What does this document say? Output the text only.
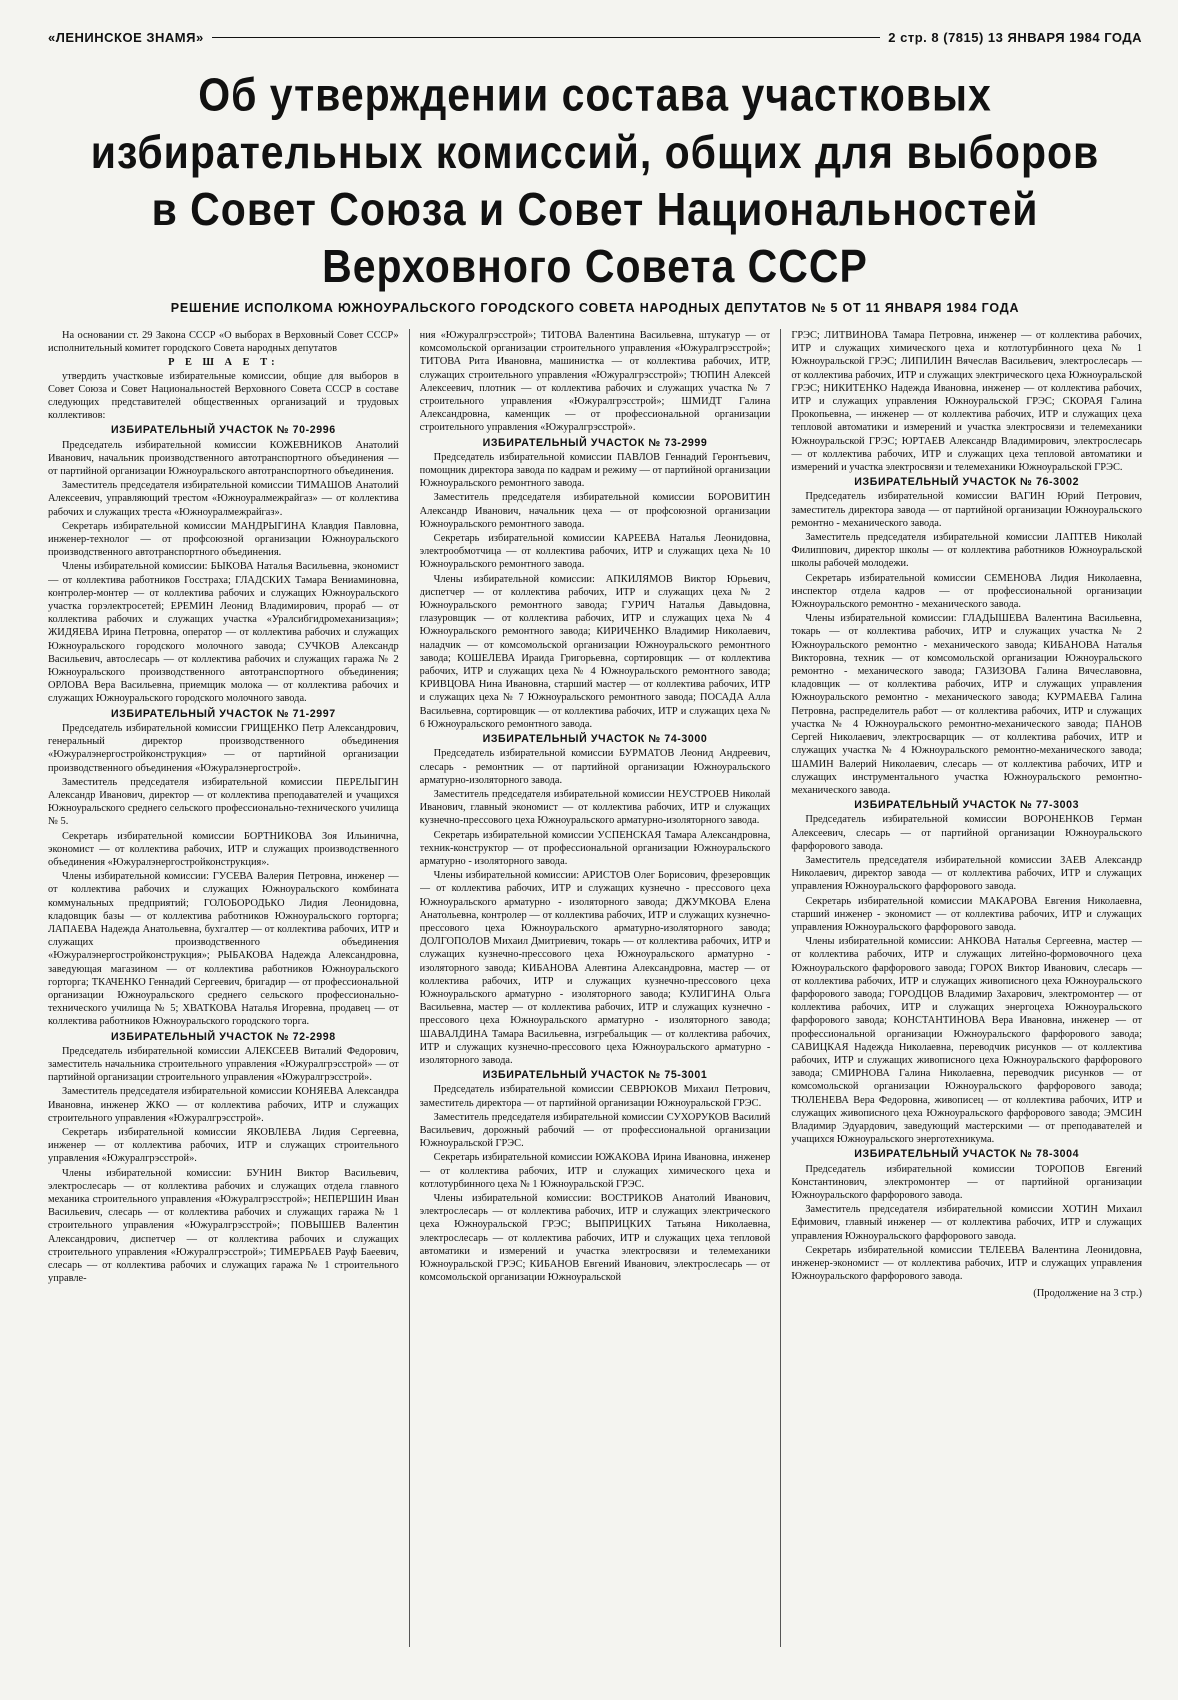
«ЛЕНИНСКОЕ ЗНАМЯ»	2 стр. 8 (7815) 13 ЯНВАРЯ 1984 ГОДА
Об утверждении состава участковых
избирательных комиссий, общих для выборов
в Совет Союза и Совет Национальностей
Верховного Совета СССР
РЕШЕНИЕ ИСПОЛКОМА ЮЖНОУРАЛЬСКОГО ГОРОДСКОГО СОВЕТА НАРОДНЫХ ДЕПУТАТОВ № 5 ОТ 11 ЯНВАРЯ 1984 ГОДА

На основании ст. 29 Закона СССР «О выборах в Верховный Совет СССР» исполнительный комитет городского Совета народных депутатов

Р Е Ш А Е Т:

утвердить участковые избирательные комиссии, общие для выборов в Совет Союза и Совет Национальностей Верховного Совета СССР в составе следующих представителей общественных организаций и трудовых коллективов:

ИЗБИРАТЕЛЬНЫЙ УЧАСТОК № 70-2996

Председатель избирательной комиссии КОЖЕВНИКОВ Анатолий Иванович, начальник производственного автотранспортного объединения — от партийной организации Южноуральского автотранспортного объединения.

Заместитель председателя избирательной комиссии ТИМАШОВ Анатолий Алексеевич, управляющий трестом «Южноуралмежрайгаз» — от коллектива рабочих и служащих треста «Южноуралмежрайгаз».

Секретарь избирательной комиссии МАНДРЫГИНА Клавдия Павловна, инженер-технолог — от профсоюзной организации Южноуральского производственного автотранспортного объединения.

Члены избирательной комиссии: БЫКОВА Наталья Васильевна, экономист — от коллектива работников Госстраха; ГЛАДСКИХ Тамара Вениаминовна, контролер-монтер — от коллектива рабочих и служащих Южноуральского участка горэлектросетей; ЕРЕМИН Леонид Владимирович, прораб — от коллектива рабочих и служащих участка «Уралсибгидромеханизация»; ЖИДЯЕВА Ирина Петровна, оператор — от коллектива рабочих и служащих Южноуральского городского молочного завода; СУЧКОВ Александр Васильевич, автослесарь — от коллектива рабочих и служащих гаража № 2 Южноуральского производственного автотранспортного объединения; ОРЛОВА Вера Васильевна, приемщик молока — от коллектива рабочих и служащих Южноуральского городского молочного завода.

ИЗБИРАТЕЛЬНЫЙ УЧАСТОК № 71-2997

Председатель избирательной комиссии ГРИЩЕНКО Петр Александрович, генеральный директор производственного объединения «Южуралэнергостройконструкция» — от партийной организации производственного объединения «Южуралэнергострой».

Заместитель председателя избирательной комиссии ПЕРЕЛЫГИН Александр Иванович, директор — от коллектива преподавателей и учащихся Южноуральского среднего сельского профессионально-технического училища № 5.

Секретарь избирательной комиссии БОРТНИКОВА Зоя Ильинична, экономист — от коллектива рабочих, ИТР и служащих производственного объединения «Южуралэнергостройконструкция».

Члены избирательной комиссии: ГУСЕВА Валерия Петровна, инженер — от коллектива рабочих и служащих Южноуральского комбината коммунальных предприятий; ГОЛОБОРОДЬКО Лидия Леонидовна, кладовщик базы — от коллектива работников Южноуральского горторга; ЛАПАЕВА Надежда Анатольевна, бухгалтер — от коллектива рабочих, ИТР и служащих производственного объединения «Южуралэнергостройконструкция»; РЫБАКОВА Надежда Александровна, заведующая магазином — от коллектива работников Южноуральского горторга; ТКАЧЕНКО Геннадий Сергеевич, бригадир — от профессиональной организации Южноуральского среднего сельского профессионально-технического училища № 5; ХВАТКОВА Наталья Игоревна, продавец — от коллектива работников Южноуральского городского торга.

ИЗБИРАТЕЛЬНЫЙ УЧАСТОК № 72-2998

Председатель избирательной комиссии АЛЕКСЕЕВ Виталий Федорович, заместитель начальника строительного управления «Южуралгрэсстрой» — от партийной организации строительного управления «Южуралгрэсстрой».

Заместитель председателя избирательной комиссии КОНЯЕВА Александра Ивановна, инженер ЖКО — от коллектива рабочих, ИТР и служащих строительного управления «Южуралгрэсстрой».

Секретарь избирательной комиссии ЯКОВЛЕВА Лидия Сергеевна, инженер — от коллектива рабочих, ИТР и служащих строительного управления «Южуралгрэсстрой».

Члены избирательной комиссии: БУНИН Виктор Васильевич, электрослесарь — от коллектива рабочих и служащих отдела главного механика строительного управления «Южуралгрэсстрой»; НЕПЕРШИН Иван Васильевич, слесарь — от коллектива рабочих и служащих гаража № 1 строительного управления «Южуралгрэсстрой»; ПОВЫШЕВ Валентин Александрович, диспетчер — от коллектива рабочих и служащих строительного управления «Южуралгрэсстрой»; ТИМЕРБАЕВ Рауф Баеевич, слесарь — от коллектива рабочих и служащих гаража № 1 строительного управле-

ния «Южуралгрэсстрой»; ТИТОВА Валентина Васильевна, штукатур — от комсомольской организации строительного управления «Южуралгрэсстрой»; ТИТОВА Рита Ивановна, машинистка — от коллектива рабочих, ИТР, служащих строительного управления «Южуралгрэсстрой»; ТЮПИН Алексей Алексеевич, плотник — от коллектива рабочих и служащих участка № 7 строительного управления «Южуралгрэсстрой»; ШМИДТ Галина Александровна, каменщик — от профессиональной организации строительного управления «Южуралгрэсстрой».

ИЗБИРАТЕЛЬНЫЙ УЧАСТОК № 73-2999

Председатель избирательной комиссии ПАВЛОВ Геннадий Геронтьевич, помощник директора завода по кадрам и режиму — от партийной организации Южноуральского ремонтного завода.

Заместитель председателя избирательной комиссии БОРОВИТИН Александр Иванович, начальник цеха — от профсоюзной организации Южноуральского ремонтного завода.

Секретарь избирательной комиссии КАРЕЕВА Наталья Леонидовна, электрообмотчица — от коллектива рабочих, ИТР и служащих цеха № 10 Южноуральского ремонтного завода.

Члены избирательной комиссии: АПКИЛЯМОВ Виктор Юрьевич, диспетчер — от коллектива рабочих, ИТР и служащих цеха № 2 Южноуральского ремонтного завода; ГУРИЧ Наталья Давыдовна, глазуровщик — от коллектива рабочих, ИТР и служащих цеха № 4 Южноуральского ремонтного завода; КИРИЧЕНКО Владимир Николаевич, наладчик — от комсомольской организации Южноуральского ремонтного завода; КОШЕЛЕВА Ираида Григорьевна, сортировщик — от коллектива рабочих, ИТР и служащих цеха № 4 Южноуральского ремонтного завода; КРИВЦОВА Нина Ивановна, старший мастер — от коллектива рабочих, ИТР и служащих цеха № 7 Южноуральского ремонтного завода; ПОСАДА Алла Васильевна, сортировщик — от коллектива рабочих, ИТР и служащих цеха № 6 Южноуральского ремонтного завода.

ИЗБИРАТЕЛЬНЫЙ УЧАСТОК № 74-3000

Председатель избирательной комиссии БУРМАТОВ Леонид Андреевич, слесарь - ремонтник — от партийной организации Южноуральского арматурно-изоляторного завода.

Заместитель председателя избирательной комиссии НЕУСТРОЕВ Николай Иванович, главный экономист — от коллектива рабочих, ИТР и служащих кузнечно-прессового цеха Южноуральского арматурно-изоляторного завода.

Секретарь избирательной комиссии УСПЕНСКАЯ Тамара Александровна, техник-конструктор — от профессиональной организации Южноуральского арматурно - изоляторного завода.

Члены избирательной комиссии: АРИСТОВ Олег Борисович, фрезеровщик — от коллектива рабочих, ИТР и служащих кузнечно - прессового цеха Южноуральского арматурно - изоляторного завода; ДЖУМКОВА Елена Анатольевна, контролер — от коллектива рабочих, ИТР и служащих кузнечно-прессового цеха Южноуральского арматурно-изоляторного завода; ДОЛГОПОЛОВ Михаил Дмитриевич, токарь — от коллектива рабочих, ИТР и служащих кузнечно-прессового цеха Южноуральского арматурно - изоляторного завода; КИБАНОВА Алевтина Александровна, мастер — от коллектива рабочих, ИТР и служащих кузнечно-прессового цеха Южноуральского арматурно - изоляторного завода; КУЛИГИНА Ольга Васильевна, мастер — от коллектива рабочих, ИТР и служащих кузнечно - прессового цеха Южноуральского арматурно - изоляторного завода; ШАВАЛДИНА Тамара Васильевна, изгребальщик — от коллектива рабочих, ИТР и служащих кузнечно-прессового цеха Южноуральского арматурно - изоляторного завода.

ИЗБИРАТЕЛЬНЫЙ УЧАСТОК № 75-3001

Председатель избирательной комиссии СЕВРЮКОВ Михаил Петрович, заместитель директора — от партийной организации Южноуральской ГРЭС.

Заместитель председателя избирательной комиссии СУХОРУКОВ Василий Васильевич, дорожный рабочий — от профессиональной организации Южноуральской ГРЭС.

Секретарь избирательной комиссии ЮЖАКОВА Ирина Ивановна, инженер — от коллектива рабочих, ИТР и служащих химического цеха и котлотурбинного цеха № 1 Южноуральской ГРЭС.

Члены избирательной комиссии: ВОСТРИКОВ Анатолий Иванович, электрослесарь — от коллектива рабочих, ИТР и служащих электрического цеха Южноуральской ГРЭС; ВЫПРИЦКИХ Татьяна Николаевна, электрослесарь — от коллектива рабочих, ИТР и служащих цеха тепловой автоматики и измерений и участка электросвязи и телемеханики Южноуральской ГРЭС; КИБАНОВ Евгений Иванович, электрослесарь — от комсомольской организации Южноуральской

ГРЭС; ЛИТВИНОВА Тамара Петровна, инженер — от коллектива рабочих, ИТР и служащих химического цеха и котлотурбинного цеха № 1 Южноуральской ГРЭС; ЛИПИЛИН Вячеслав Васильевич, электрослесарь — от коллектива рабочих, ИТР и служащих электрического цеха Южноуральской ГРЭС; НИКИТЕНКО Надежда Ивановна, инженер — от коллектива рабочих, ИТР и служащих управления Южноуральской ГРЭС; СКОРАЯ Галина Прокопьевна, — инженер — от коллектива рабочих, ИТР и служащих цеха тепловой автоматики и измерений и участка электросвязи и телемеханики Южноуральской ГРЭС; ЮРТАЕВ Александр Владимирович, электрослесарь — от коллектива рабочих, ИТР и служащих цеха тепловой автоматики и измерений и участка электросвязи и телемеханики Южноуральской ГРЭС.

ИЗБИРАТЕЛЬНЫЙ УЧАСТОК № 76-3002

Председатель избирательной комиссии ВАГИН Юрий Петрович, заместитель директора завода — от партийной организации Южноуральского ремонтно - механического завода.

Заместитель председателя избирательной комиссии ЛАПТЕВ Николай Филиппович, директор школы — от коллектива работников Южноуральской школы рабочей молодежи.

Секретарь избирательной комиссии СЕМЕНОВА Лидия Николаевна, инспектор отдела кадров — от профессиональной организации Южноуральского ремонтно - механического завода.

Члены избирательной комиссии: ГЛАДЫШЕВА Валентина Васильевна, токарь — от коллектива рабочих, ИТР и служащих участка № 2 Южноуральского ремонтно - механического завода; КИБАНОВА Наталья Викторовна, техник — от комсомольской организации Южноуральского ремонтно - механического завода; ГАЗИЗОВА Галина Вячеславовна, кладовщик — от коллектива рабочих, ИТР и служащих управления Южноуральского ремонтно - механического завода; КУРМАЕВА Галина Петровна, распределитель работ — от коллектива рабочих, ИТР и служащих участка № 4 Южноуральского ремонтно-механического завода; ПАНОВ Сергей Николаевич, электросварщик — от коллектива рабочих, ИТР и служащих участка № 4 Южноуральского ремонтно-механического завода; ШАМИН Валерий Николаевич, слесарь — от коллектива рабочих, ИТР и служащих инструментального участка Южноуральского ремонтно-механического завода.

ИЗБИРАТЕЛЬНЫЙ УЧАСТОК № 77-3003

Председатель избирательной комиссии ВОРОНЕНКОВ Герман Алексеевич, слесарь — от партийной организации Южноуральского фарфорового завода.

Заместитель председателя избирательной комиссии ЗАЕВ Александр Николаевич, директор завода — от коллектива рабочих, ИТР и служащих управления Южноуральского фарфорового завода.

Секретарь избирательной комиссии МАКАРОВА Евгения Николаевна, старший инженер - экономист — от коллектива рабочих, ИТР и служащих управления Южноуральского фарфорового завода.

Члены избирательной комиссии: АНКОВА Наталья Сергеевна, мастер — от коллектива рабочих, ИТР и служащих литейно-формовочного цеха Южноуральского фарфорового завода; ГОРОХ Виктор Иванович, слесарь — от коллектива рабочих, ИТР и служащих живописного цеха Южноуральского фарфорового завода; ГОРОДЦОВ Владимир Захарович, электромонтер — от коллектива рабочих, ИТР и служащих энергоцеха Южноуральского фарфорового завода; КОНСТАНТИНОВА Вера Ивановна, инженер — от профессиональной организации Южноуральского фарфорового завода; САВИЦКАЯ Надежда Николаевна, переводчик рисунков — от коллектива рабочих, ИТР и служащих живописного цеха Южноуральского фарфорового завода; СМИРНОВА Галина Николаевна, переводчик рисунков — от комсомольской организации Южноуральского фарфорового завода; ТЮЛЕНЕВА Вера Федоровна, живописец — от коллектива рабочих, ИТР и служащих живописного цеха Южноуральского фарфорового завода; ЭМСИН Владимир Эдуардович, заведующий мастерскими — от преподавателей и учащихся Южноуральского энерготехникума.

ИЗБИРАТЕЛЬНЫЙ УЧАСТОК № 78-3004

Председатель избирательной комиссии ТОРОПОВ Евгений Константинович, электромонтер — от партийной организации Южноуральского фарфорового завода.

Заместитель председателя избирательной комиссии ХОТИН Михаил Ефимович, главный инженер — от коллектива рабочих, ИТР и служащих управления Южноуральского фарфорового завода.

Секретарь избирательной комиссии ТЕЛЕЕВА Валентина Леонидовна, инженер-экономист — от коллектива рабочих, ИТР и служащих управления Южноуральского фарфорового завода.

(Продолжение на 3 стр.)
